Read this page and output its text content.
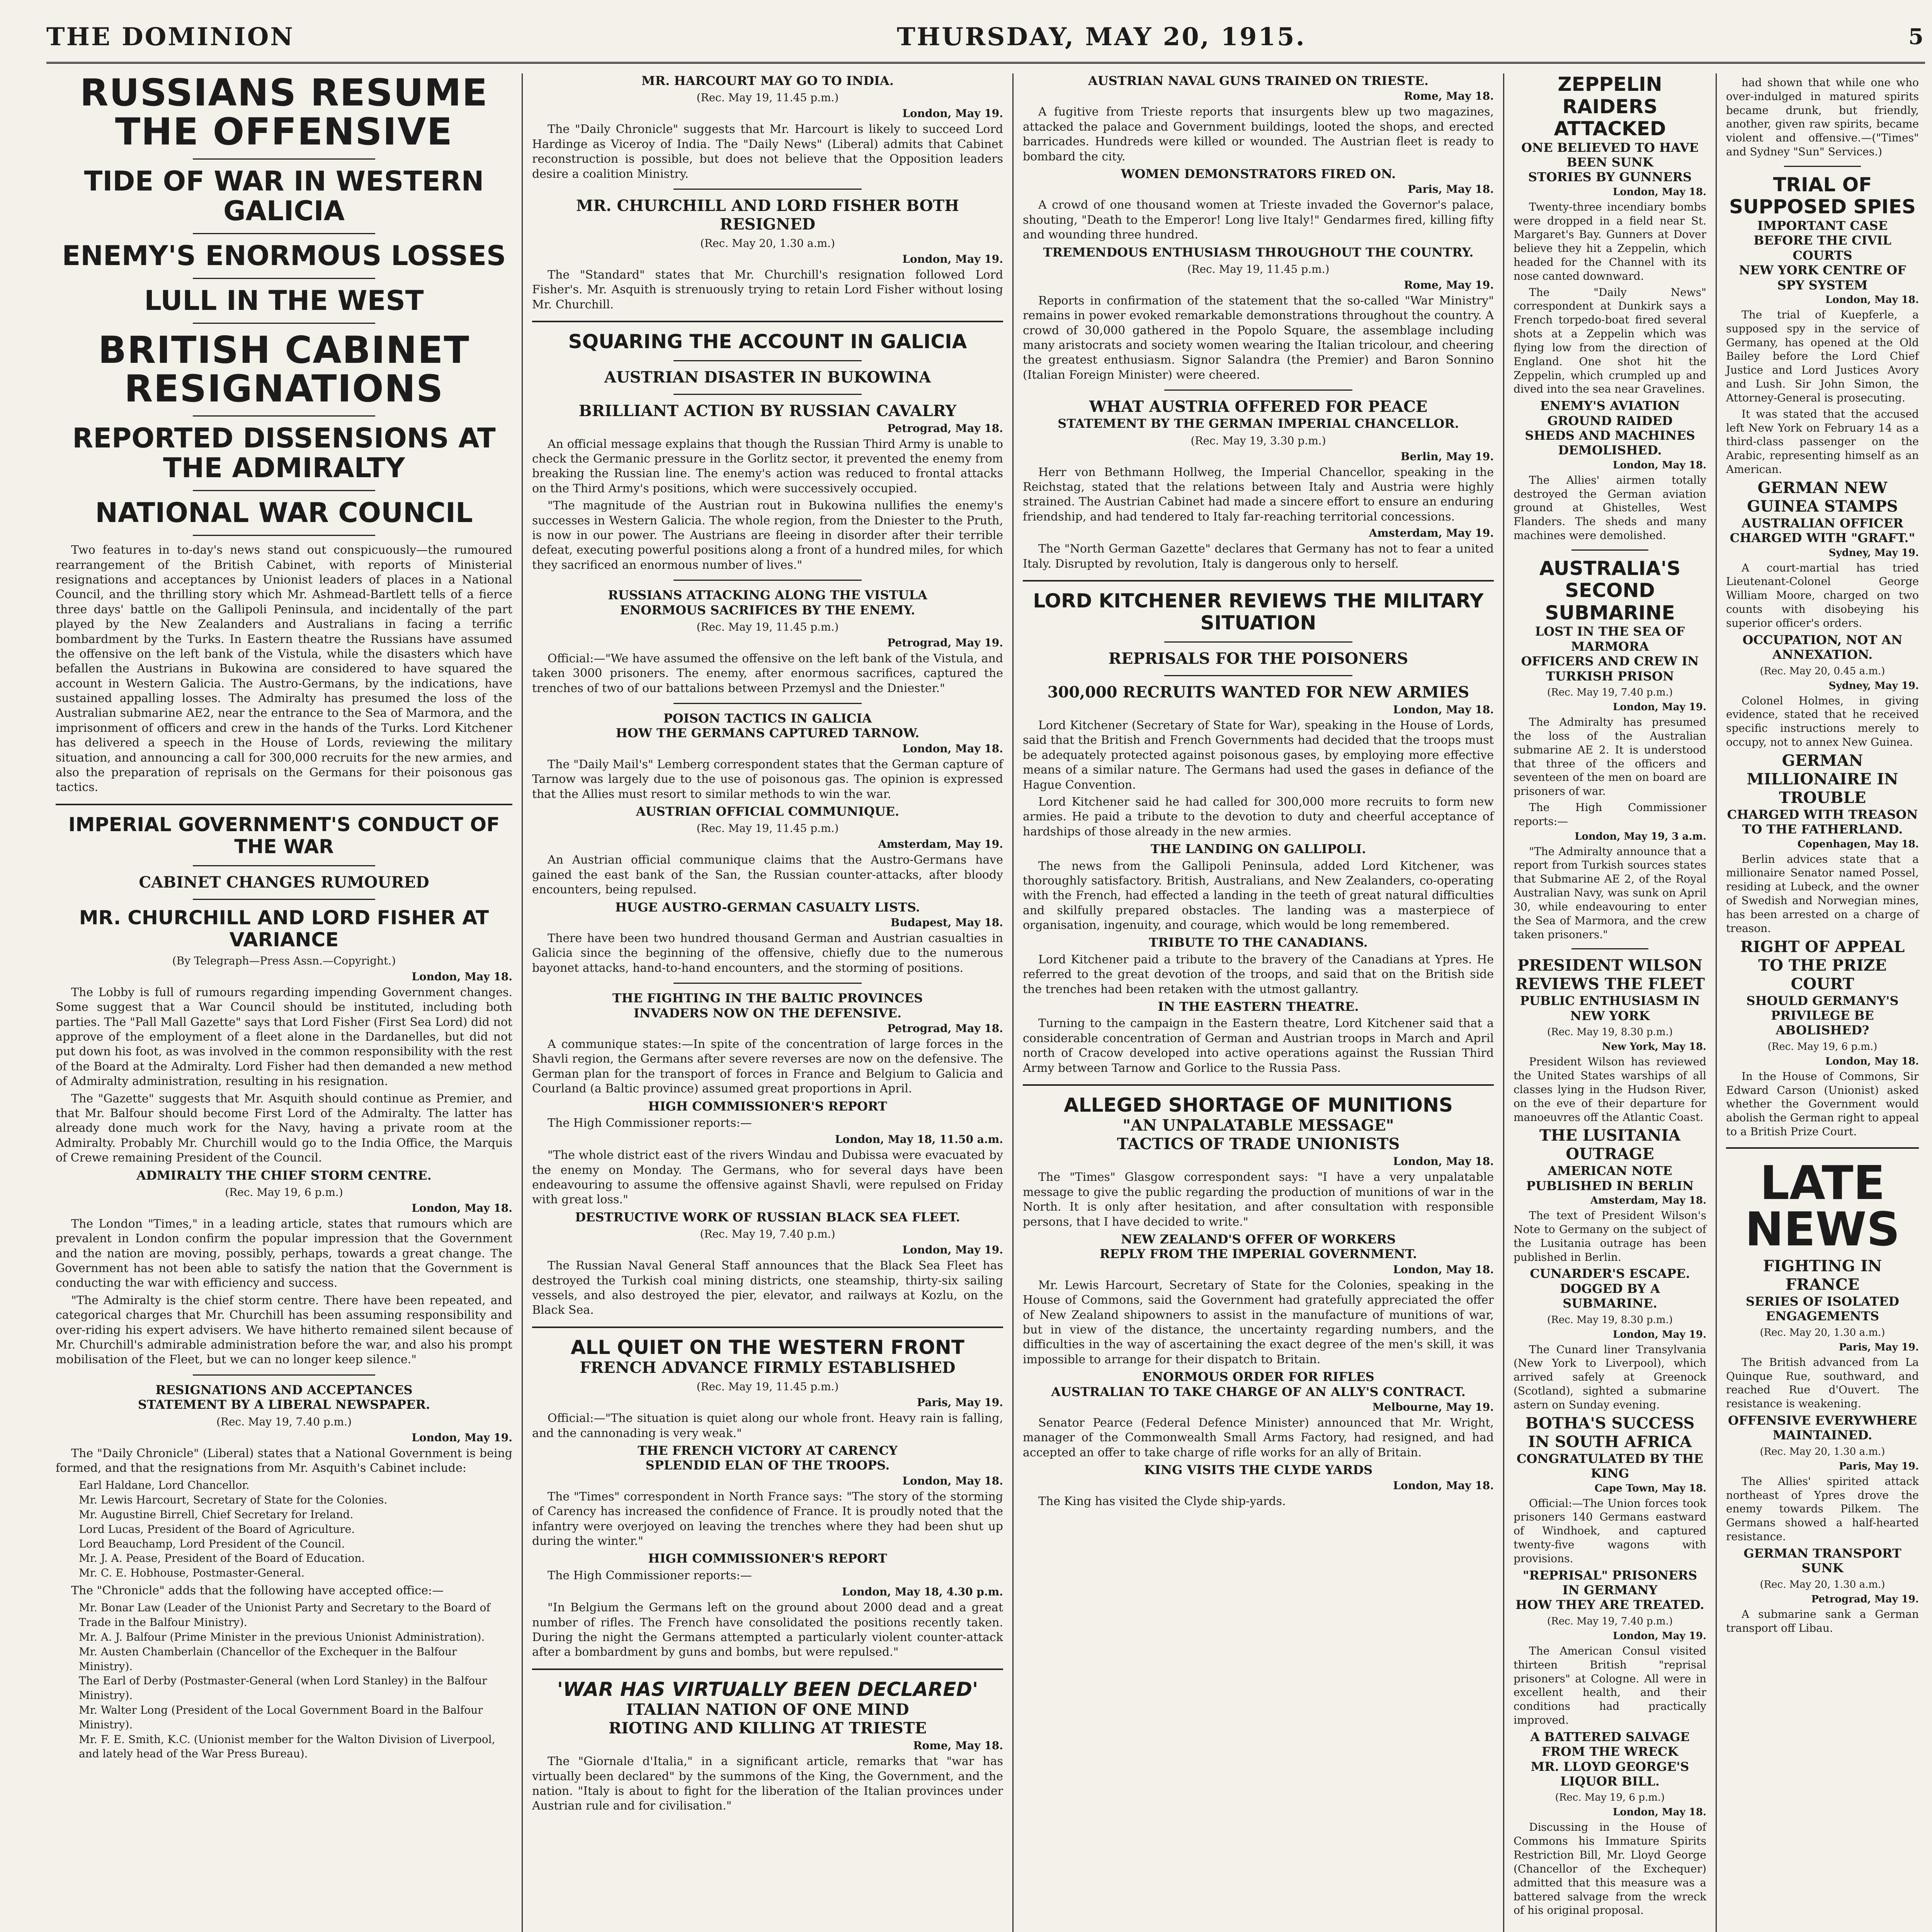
THE DOMINION	THURSDAY, MAY 20, 1915.	5
RUSSIANS RESUME THE OFFENSIVE
TIDE OF WAR IN WESTERN GALICIA
ENEMY'S ENORMOUS LOSSES
LULL IN THE WEST
BRITISH CABINET RESIGNATIONS
REPORTED DISSENSIONS AT THE ADMIRALTY
NATIONAL WAR COUNCIL

Two features in to-day's news stand out conspicuously—the rumoured rearrangement of the British Cabinet, with reports of Ministerial resignations and acceptances by Unionist leaders of places in a National Council, and the thrilling story which Mr. Ashmead-Bartlett tells of a fierce three days' battle on the Gallipoli Peninsula, and incidentally of the part played by the New Zealanders and Australians in facing a terrific bombardment by the Turks. In Eastern theatre the Russians have assumed the offensive on the left bank of the Vistula, while the disasters which have befallen the Austrians in Bukowina are considered to have squared the account in Western Galicia. The Austro-Germans, by the indications, have sustained appalling losses. The Admiralty has presumed the loss of the Australian submarine AE2, near the entrance to the Sea of Marmora, and the imprisonment of officers and crew in the hands of the Turks. Lord Kitchener has delivered a speech in the House of Lords, reviewing the military situation, and announcing a call for 300,000 recruits for the new armies, and also the preparation of reprisals on the Germans for their poisonous gas tactics.

IMPERIAL GOVERNMENT'S CONDUCT OF THE WAR
CABINET CHANGES RUMOURED
MR. CHURCHILL AND LORD FISHER AT VARIANCE
(By Telegraph—Press Assn.—Copyright.)
London, May 18.

The Lobby is full of rumours regarding impending Government changes. Some suggest that a War Council should be instituted, including both parties. The "Pall Mall Gazette" says that Lord Fisher (First Sea Lord) did not approve of the employment of a fleet alone in the Dardanelles, but did not put down his foot, as was involved in the common responsibility with the rest of the Board at the Admiralty. Lord Fisher had then demanded a new method of Admiralty administration, resulting in his resignation.

The "Gazette" suggests that Mr. Asquith should continue as Premier, and that Mr. Balfour should become First Lord of the Admiralty. The latter has already done much work for the Navy, having a private room at the Admiralty. Probably Mr. Churchill would go to the India Office, the Marquis of Crewe remaining President of the Council.

ADMIRALTY THE CHIEF STORM CENTRE.
(Rec. May 19, 6 p.m.)
London, May 18.

The London "Times," in a leading article, states that rumours which are prevalent in London confirm the popular impression that the Government and the nation are moving, possibly, perhaps, towards a great change. The Government has not been able to satisfy the nation that the Government is conducting the war with efficiency and success.

"The Admiralty is the chief storm centre. There have been repeated, and categorical charges that Mr. Churchill has been assuming responsibility and over-riding his expert advisers. We have hitherto remained silent because of Mr. Churchill's admirable administration before the war, and also his prompt mobilisation of the Fleet, but we can no longer keep silence."

RESIGNATIONS AND ACCEPTANCES
STATEMENT BY A LIBERAL NEWSPAPER.
(Rec. May 19, 7.40 p.m.)
London, May 19.

The "Daily Chronicle" (Liberal) states that a National Government is being formed, and that the resignations from Mr. Asquith's Cabinet include:

Earl Haldane, Lord Chancellor.
Mr. Lewis Harcourt, Secretary of State for the Colonies.
Mr. Augustine Birrell, Chief Secretary for Ireland.
Lord Lucas, President of the Board of Agriculture.
Lord Beauchamp, Lord President of the Council.
Mr. J. A. Pease, President of the Board of Education.
Mr. C. E. Hobhouse, Postmaster-General.

The "Chronicle" adds that the following have accepted office:—

Mr. Bonar Law (Leader of the Unionist Party and Secretary to the Board of Trade in the Balfour Ministry).
Mr. A. J. Balfour (Prime Minister in the previous Unionist Administration).
Mr. Austen Chamberlain (Chancellor of the Exchequer in the Balfour Ministry).
The Earl of Derby (Postmaster-General (when Lord Stanley) in the Balfour Ministry).
Mr. Walter Long (President of the Local Government Board in the Balfour Ministry).
Mr. F. E. Smith, K.C. (Unionist member for the Walton Division of Liverpool, and lately head of the War Press Bureau).
MR. HARCOURT MAY GO TO INDIA.
(Rec. May 19, 11.45 p.m.)
London, May 19.

The "Daily Chronicle" suggests that Mr. Harcourt is likely to succeed Lord Hardinge as Viceroy of India. The "Daily News" (Liberal) admits that Cabinet reconstruction is possible, but does not believe that the Opposition leaders desire a coalition Ministry.

MR. CHURCHILL AND LORD FISHER BOTH RESIGNED
(Rec. May 20, 1.30 a.m.)
London, May 19.

The "Standard" states that Mr. Churchill's resignation followed Lord Fisher's. Mr. Asquith is strenuously trying to retain Lord Fisher without losing Mr. Churchill.

SQUARING THE ACCOUNT IN GALICIA
AUSTRIAN DISASTER IN BUKOWINA
BRILLIANT ACTION BY RUSSIAN CAVALRY
Petrograd, May 18.

An official message explains that though the Russian Third Army is unable to check the Germanic pressure in the Gorlitz sector, it prevented the enemy from breaking the Russian line. The enemy's action was reduced to frontal attacks on the Third Army's positions, which were successively occupied.

"The magnitude of the Austrian rout in Bukowina nullifies the enemy's successes in Western Galicia. The whole region, from the Dniester to the Pruth, is now in our power. The Austrians are fleeing in disorder after their terrible defeat, executing powerful positions along a front of a hundred miles, for which they sacrificed an enormous number of lives."

RUSSIANS ATTACKING ALONG THE VISTULA
ENORMOUS SACRIFICES BY THE ENEMY.
(Rec. May 19, 11.45 p.m.)
Petrograd, May 19.

Official:—"We have assumed the offensive on the left bank of the Vistula, and taken 3000 prisoners. The enemy, after enormous sacrifices, captured the trenches of two of our battalions between Przemysl and the Dniester."

POISON TACTICS IN GALICIA
HOW THE GERMANS CAPTURED TARNOW.
London, May 18.

The "Daily Mail's" Lemberg correspondent states that the German capture of Tarnow was largely due to the use of poisonous gas. The opinion is expressed that the Allies must resort to similar methods to win the war.

AUSTRIAN OFFICIAL COMMUNIQUE.
(Rec. May 19, 11.45 p.m.)
Amsterdam, May 19.

An Austrian official communique claims that the Austro-Germans have gained the east bank of the San, the Russian counter-attacks, after bloody encounters, being repulsed.

HUGE AUSTRO-GERMAN CASUALTY LISTS.
Budapest, May 18.

There have been two hundred thousand German and Austrian casualties in Galicia since the beginning of the offensive, chiefly due to the numerous bayonet attacks, hand-to-hand encounters, and the storming of positions.

THE FIGHTING IN THE BALTIC PROVINCES
INVADERS NOW ON THE DEFENSIVE.
Petrograd, May 18.

A communique states:—In spite of the concentration of large forces in the Shavli region, the Germans after severe reverses are now on the defensive. The German plan for the transport of forces in France and Belgium to Galicia and Courland (a Baltic province) assumed great proportions in April.

HIGH COMMISSIONER'S REPORT

The High Commissioner reports:—

London, May 18, 11.50 a.m.

"The whole district east of the rivers Windau and Dubissa were evacuated by the enemy on Monday. The Germans, who for several days have been endeavouring to assume the offensive against Shavli, were repulsed on Friday with great loss."

DESTRUCTIVE WORK OF RUSSIAN BLACK SEA FLEET.
(Rec. May 19, 7.40 p.m.)
London, May 19.

The Russian Naval General Staff announces that the Black Sea Fleet has destroyed the Turkish coal mining districts, one steamship, thirty-six sailing vessels, and also destroyed the pier, elevator, and railways at Kozlu, on the Black Sea.

ALL QUIET ON THE WESTERN FRONT
FRENCH ADVANCE FIRMLY ESTABLISHED
(Rec. May 19, 11.45 p.m.)
Paris, May 19.

Official:—"The situation is quiet along our whole front. Heavy rain is falling, and the cannonading is very weak."

THE FRENCH VICTORY AT CARENCY
SPLENDID ELAN OF THE TROOPS.
London, May 18.

The "Times" correspondent in North France says: "The story of the storming of Carency has increased the confidence of France. It is proudly noted that the infantry were overjoyed on leaving the trenches where they had been shut up during the winter."

HIGH COMMISSIONER'S REPORT

The High Commissioner reports:—

London, May 18, 4.30 p.m.

"In Belgium the Germans left on the ground about 2000 dead and a great number of rifles. The French have consolidated the positions recently taken. During the night the Germans attempted a particularly violent counter-attack after a bombardment by guns and bombs, but were repulsed."

'WAR HAS VIRTUALLY BEEN DECLARED'
ITALIAN NATION OF ONE MIND
RIOTING AND KILLING AT TRIESTE
Rome, May 18.

The "Giornale d'Italia," in a significant article, remarks that "war has virtually been declared" by the summons of the King, the Government, and the nation. "Italy is about to fight for the liberation of the Italian provinces under Austrian rule and for civilisation."

AUSTRIAN NAVAL GUNS TRAINED ON TRIESTE.
Rome, May 18.

A fugitive from Trieste reports that insurgents blew up two magazines, attacked the palace and Government buildings, looted the shops, and erected barricades. Hundreds were killed or wounded. The Austrian fleet is ready to bombard the city.

WOMEN DEMONSTRATORS FIRED ON.
Paris, May 18.

A crowd of one thousand women at Trieste invaded the Governor's palace, shouting, "Death to the Emperor! Long live Italy!" Gendarmes fired, killing fifty and wounding three hundred.

TREMENDOUS ENTHUSIASM THROUGHOUT THE COUNTRY.
(Rec. May 19, 11.45 p.m.)
Rome, May 19.

Reports in confirmation of the statement that the so-called "War Ministry" remains in power evoked remarkable demonstrations throughout the country. A crowd of 30,000 gathered in the Popolo Square, the assemblage including many aristocrats and society women wearing the Italian tricolour, and cheering the greatest enthusiasm. Signor Salandra (the Premier) and Baron Sonnino (Italian Foreign Minister) were cheered.

WHAT AUSTRIA OFFERED FOR PEACE
STATEMENT BY THE GERMAN IMPERIAL CHANCELLOR.
(Rec. May 19, 3.30 p.m.)
Berlin, May 19.

Herr von Bethmann Hollweg, the Imperial Chancellor, speaking in the Reichstag, stated that the relations between Italy and Austria were highly strained. The Austrian Cabinet had made a sincere effort to ensure an enduring friendship, and had tendered to Italy far-reaching territorial concessions.

Amsterdam, May 19.

The "North German Gazette" declares that Germany has not to fear a united Italy. Disrupted by revolution, Italy is dangerous only to herself.

LORD KITCHENER REVIEWS THE MILITARY SITUATION
REPRISALS FOR THE POISONERS
300,000 RECRUITS WANTED FOR NEW ARMIES
London, May 18.

Lord Kitchener (Secretary of State for War), speaking in the House of Lords, said that the British and French Governments had decided that the troops must be adequately protected against poisonous gases, by employing more effective means of a similar nature. The Germans had used the gases in defiance of the Hague Convention.

Lord Kitchener said he had called for 300,000 more recruits to form new armies. He paid a tribute to the devotion to duty and cheerful acceptance of hardships of those already in the new armies.

THE LANDING ON GALLIPOLI.

The news from the Gallipoli Peninsula, added Lord Kitchener, was thoroughly satisfactory. British, Australians, and New Zealanders, co-operating with the French, had effected a landing in the teeth of great natural difficulties and skilfully prepared obstacles. The landing was a masterpiece of organisation, ingenuity, and courage, which would be long remembered.

TRIBUTE TO THE CANADIANS.

Lord Kitchener paid a tribute to the bravery of the Canadians at Ypres. He referred to the great devotion of the troops, and said that on the British side the trenches had been retaken with the utmost gallantry.

IN THE EASTERN THEATRE.

Turning to the campaign in the Eastern theatre, Lord Kitchener said that a considerable concentration of German and Austrian troops in March and April north of Cracow developed into active operations against the Russian Third Army between Tarnow and Gorlice to the Russia Pass.

ALLEGED SHORTAGE OF MUNITIONS
"AN UNPALATABLE MESSAGE"
TACTICS OF TRADE UNIONISTS
London, May 18.

The "Times" Glasgow correspondent says: "I have a very unpalatable message to give the public regarding the production of munitions of war in the North. It is only after hesitation, and after consultation with responsible persons, that I have decided to write."

NEW ZEALAND'S OFFER OF WORKERS
REPLY FROM THE IMPERIAL GOVERNMENT.
London, May 18.

Mr. Lewis Harcourt, Secretary of State for the Colonies, speaking in the House of Commons, said the Government had gratefully appreciated the offer of New Zealand shipowners to assist in the manufacture of munitions of war, but in view of the distance, the uncertainty regarding numbers, and the difficulties in the way of ascertaining the exact degree of the men's skill, it was impossible to arrange for their dispatch to Britain.

ENORMOUS ORDER FOR RIFLES
AUSTRALIAN TO TAKE CHARGE OF AN ALLY'S CONTRACT.
Melbourne, May 19.

Senator Pearce (Federal Defence Minister) announced that Mr. Wright, manager of the Commonwealth Small Arms Factory, had resigned, and had accepted an offer to take charge of rifle works for an ally of Britain.

KING VISITS THE CLYDE YARDS
London, May 18.

The King has visited the Clyde ship-yards.

ZEPPELIN RAIDERS ATTACKED
ONE BELIEVED TO HAVE BEEN SUNK
STORIES BY GUNNERS
London, May 18.

Twenty-three incendiary bombs were dropped in a field near St. Margaret's Bay. Gunners at Dover believe they hit a Zeppelin, which headed for the Channel with its nose canted downward.

The "Daily News" correspondent at Dunkirk says a French torpedo-boat fired several shots at a Zeppelin which was flying low from the direction of England. One shot hit the Zeppelin, which crumpled up and dived into the sea near Gravelines.

ENEMY'S AVIATION GROUND RAIDED
SHEDS AND MACHINES DEMOLISHED.
London, May 18.

The Allies' airmen totally destroyed the German aviation ground at Ghistelles, West Flanders. The sheds and many machines were demolished.

AUSTRALIA'S SECOND SUBMARINE
LOST IN THE SEA OF MARMORA
OFFICERS AND CREW IN TURKISH PRISON
(Rec. May 19, 7.40 p.m.)
London, May 19.

The Admiralty has presumed the loss of the Australian submarine AE 2. It is understood that three of the officers and seventeen of the men on board are prisoners of war.

The High Commissioner reports:—

London, May 19, 3 a.m.

"The Admiralty announce that a report from Turkish sources states that Submarine AE 2, of the Royal Australian Navy, was sunk on April 30, while endeavouring to enter the Sea of Marmora, and the crew taken prisoners."

PRESIDENT WILSON REVIEWS THE FLEET
PUBLIC ENTHUSIASM IN NEW YORK
(Rec. May 19, 8.30 p.m.)
New York, May 18.

President Wilson has reviewed the United States warships of all classes lying in the Hudson River, on the eve of their departure for manoeuvres off the Atlantic Coast.

THE LUSITANIA OUTRAGE
AMERICAN NOTE PUBLISHED IN BERLIN
Amsterdam, May 18.

The text of President Wilson's Note to Germany on the subject of the Lusitania outrage has been published in Berlin.

CUNARDER'S ESCAPE.
DOGGED BY A SUBMARINE.
(Rec. May 19, 8.30 p.m.)
London, May 19.

The Cunard liner Transylvania (New York to Liverpool), which arrived safely at Greenock (Scotland), sighted a submarine astern on Sunday evening.

BOTHA'S SUCCESS IN SOUTH AFRICA
CONGRATULATED BY THE KING
Cape Town, May 18.

Official:—The Union forces took prisoners 140 Germans eastward of Windhoek, and captured twenty-five wagons with provisions.

"REPRISAL" PRISONERS IN GERMANY
HOW THEY ARE TREATED.
(Rec. May 19, 7.40 p.m.)
London, May 19.

The American Consul visited thirteen British "reprisal prisoners" at Cologne. All were in excellent health, and their conditions had practically improved.

A BATTERED SALVAGE FROM THE WRECK
MR. LLOYD GEORGE'S LIQUOR BILL.
(Rec. May 19, 6 p.m.)
London, May 18.

Discussing in the House of Commons his Immature Spirits Restriction Bill, Mr. Lloyd George (Chancellor of the Exchequer) admitted that this measure was a battered salvage from the wreck of his original proposal.

had shown that while one who over-indulged in matured spirits became drunk, but friendly, another, given raw spirits, became violent and offensive.—("Times" and Sydney "Sun" Services.)

TRIAL OF SUPPOSED SPIES
IMPORTANT CASE BEFORE THE CIVIL COURTS
NEW YORK CENTRE OF SPY SYSTEM
London, May 18.

The trial of Kuepferle, a supposed spy in the service of Germany, has opened at the Old Bailey before the Lord Chief Justice and Lord Justices Avory and Lush. Sir John Simon, the Attorney-General is prosecuting.

It was stated that the accused left New York on February 14 as a third-class passenger on the Arabic, representing himself as an American.

GERMAN NEW GUINEA STAMPS
AUSTRALIAN OFFICER CHARGED WITH "GRAFT."
Sydney, May 19.

A court-martial has tried Lieutenant-Colonel George William Moore, charged on two counts with disobeying his superior officer's orders.

OCCUPATION, NOT AN ANNEXATION.
(Rec. May 20, 0.45 a.m.)
Sydney, May 19.

Colonel Holmes, in giving evidence, stated that he received specific instructions merely to occupy, not to annex New Guinea.

GERMAN MILLIONAIRE IN TROUBLE
CHARGED WITH TREASON TO THE FATHERLAND.
Copenhagen, May 18.

Berlin advices state that a millionaire Senator named Possel, residing at Lubeck, and the owner of Swedish and Norwegian mines, has been arrested on a charge of treason.

RIGHT OF APPEAL TO THE PRIZE COURT
SHOULD GERMANY'S PRIVILEGE BE ABOLISHED?
(Rec. May 19, 6 p.m.)
London, May 18.

In the House of Commons, Sir Edward Carson (Unionist) asked whether the Government would abolish the German right to appeal to a British Prize Court.

LATE NEWS
FIGHTING IN FRANCE
SERIES OF ISOLATED ENGAGEMENTS
(Rec. May 20, 1.30 a.m.)
Paris, May 19.

The British advanced from La Quinque Rue, southward, and reached Rue d'Ouvert. The resistance is weakening.

OFFENSIVE EVERYWHERE MAINTAINED.
(Rec. May 20, 1.30 a.m.)
Paris, May 19.

The Allies' spirited attack northeast of Ypres drove the enemy towards Pilkem. The Germans showed a half-hearted resistance.

GERMAN TRANSPORT SUNK
(Rec. May 20, 1.30 a.m.)
Petrograd, May 19.

A submarine sank a German transport off Libau.
